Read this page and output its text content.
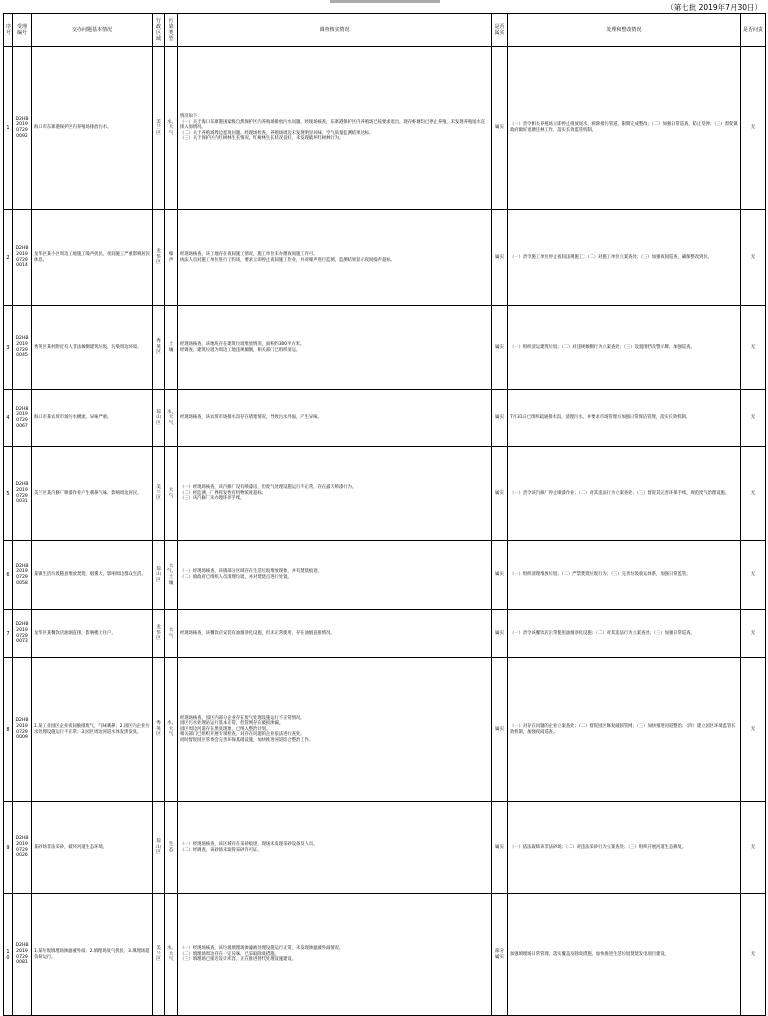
（第七批 2019年7月30日）
序号	受理编号	交办问题基本情况	行政区域	污染类型	调查核实情况	是否属实	处理和整改情况	是否问责
1	D2HB201907290092	海口市东寨港保护区内养殖场排放污水。	美兰区	水、大气	情况如下：
（一）关于海口东寨港国家级自然保护区内养殖场排放污水问题。经现场核查，东寨港保护区内养殖场已按要求退出，现存虾塘均已停止养殖，未发现养殖尾水直排入海情况。
（二）关于养殖场周边恶臭问题。经现场检查，养殖场周边未发现明显异味，空气质量监测结果达标。
（三）关于保护区内红树林生长情况。红树林生长状况良好，未发现破坏红树林行为。	属实	（一）责令相关养殖场立即停止排放尾水，拆除排污管道，限期完成整改；（二）加强日常巡查，防止反弹；（三）督促镇政府做好退塘还林工作，落实长效监管机制。	无
2	D2HB201907290014	龙华区某小区周边工地施工噪声扰民，夜间施工严重影响居民休息。	龙华区	噪声	经现场核查，该工地存在夜间施工情况，施工单位未办理夜间施工许可。
执法人员对施工单位进行了约谈，要求立即停止夜间施工作业，并对噪声进行监测，监测结果显示夜间噪声超标。	属实	（一）责令施工单位停止夜间违规施工；（二）对施工单位立案查处；（三）加强夜间巡查，确保整改到位。	无
3	D2HB201907290045	秀英区某村附近有人非法倾倒建筑垃圾，污染周边环境。	秀英区	土壤	经现场核查，该地块存在建筑垃圾堆放情况，面积约300平方米。
经调查，建筑垃圾为周边工地违规倾倒，相关部门已组织清运。	属实	（一）组织清运建筑垃圾；（二）对违规倾倒行为立案查处；（三）设置围挡及警示牌，加强巡查。	无
4	D2HB201907290067	海口市某农贸市场污水横流，异味严重。	琼山区	水、大气	经现场核查，该农贸市场排水沟存在堵塞情况，导致污水外溢，产生异味。	属实	7月31日已组织疏通排水沟，清理污水，并要求市场管理方加强日常保洁管理，落实长效机制。	无
5	D2HB201907290031	美兰区某汽修厂喷漆作业产生刺鼻气味，影响周边居民。	美兰区	大气	（一）经现场核查，该汽修厂设有喷漆房，但废气处理设施运行不正常，存在露天喷漆行为。
（二）经监测，厂界挥发性有机物浓度超标。
（三）该汽修厂未办理环评手续。	属实	（一）责令该汽修厂停止喷漆作业；（二）对其违法行为立案查处；（三）督促其完善环保手续，规范废气治理设施。	无
6	D2HB201907290058	某镇生活垃圾随意堆放焚烧，烟雾大，影响周边群众生活。	琼山区	大气、土壤	（一）经现场核查，该镇部分区域存在生活垃圾堆放现象，并有焚烧痕迹。
（二）镇政府已组织人员清理垃圾，并对焚烧点进行处置。	属实	（一）组织清理堆放垃圾；（二）严禁焚烧垃圾行为；（三）完善垃圾收运体系，加强日常监管。	无
7	D2HB201907290073	龙华区某餐饮店油烟直排，影响楼上住户。	龙华区	大气	经现场核查，该餐饮店安装有油烟净化设施，但未正常使用，存在油烟直排情况。	属实	（一）责令该餐饮店正常使用油烟净化设施；（二）对其违法行为立案查处；（三）加强日常巡查。	无
8	D2HB201907290009	1.某工业园区企业夜间偷排废气，气味刺鼻；2.园区内企业污水处理设施运行不正常；3.园区周边河道水体发黑发臭。	秀英区	水、大气	经现场核查，园区内部分企业存在废气处理设施运行不正常情况。
园区污水处理站运行基本正常，但管网存在破损渗漏。
园区周边河道存在黑臭现象，已纳入整治计划。
相关部门已组织开展专项检查，对存在问题的企业依法进行查处。
同时督促园区管委会完善环保基础设施，加快推进河道综合整治工作。	属实	（一）对存在问题的企业立案查处；（二）督促园区修复破损管网；（三）加快推进河道整治；（四）建立园区环境监管长效机制，加强夜间巡查。	无
9	D2HB201907290026	某砂场非法采砂，破坏河道生态环境。	琼山区	生态	（一）经现场核查，该区域存在采砂痕迹，现场未发现采砂设备及人员。
（二）经调查，该砂场未取得采砂许可证。	属实	（一）依法取缔该非法砂场；（二）对违法采砂行为立案查处；（三）组织开展河道生态修复。	无
10	D2HB201907290081	1.某垃圾填埋场渗滤液外溢；2.填埋场臭气扰民；3.填埋场超负荷运行。	美兰区	水、大气	（一）经现场核查，该垃圾填埋场渗滤液处理设施运行正常，未发现渗滤液外溢情况。
（二）填埋场周边存在一定异味，已采取除臭措施。
（三）填埋场已接近设计库容，正在推进替代处理设施建设。	部分属实	加强填埋场日常管理，落实覆盖及除臭措施，加快推进生活垃圾焚烧发电项目建设。	无
